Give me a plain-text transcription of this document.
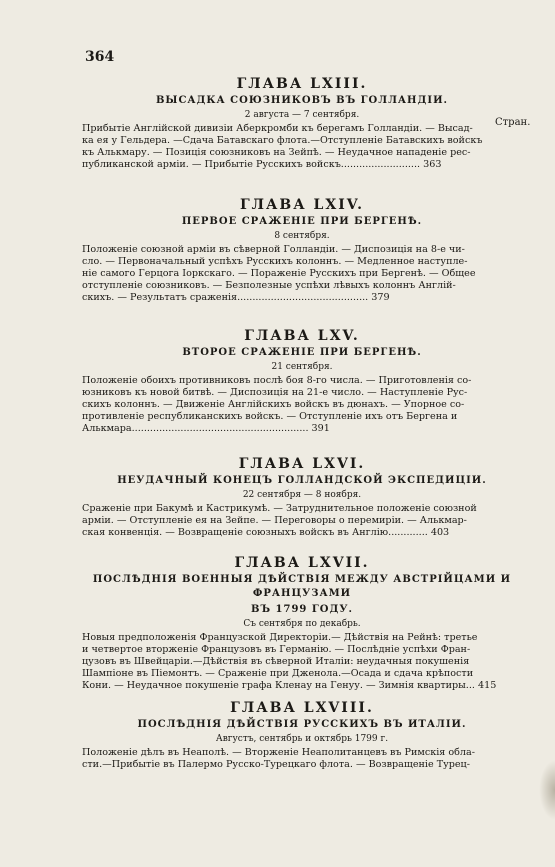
364
Стран.
ГЛАВА LXIII.
ВЫСАДКА СОЮЗНИКОВЪ ВЪ ГОЛЛАНДІИ.
2 августа — 7 сентября.
Прибытіе Англійской дивизіи Аберкромби къ берегамъ Голландіи. — Высад-
ка ея у Гельдера. —Сдача Батавскаго флота.—Отступленіе Батавскихъ войскъ
къ Алькмару. — Позиція союзниковъ на Зейпѣ. — Неудачное нападеніе рес-
публиканской арміи. — Прибытіе Русскихъ войскъ.......................... 363
ГЛАВА LXIV.
ПЕРВОЕ СРАЖЕНІЕ ПРИ БЕРГЕНѢ.
8 сентября.
Положеніе союзной арміи въ сѣверной Голландіи. — Диспозиція на 8-е чи-
сло. — Первоначальный успѣхъ Русскихъ колоннъ. — Медленное наступле-
ніе самого Герцога Іоркскаго. — Пораженіе Русскихъ при Бергенѣ. — Общее
отступленіе союзниковъ. — Безполезные успѣхи лѣвыхъ колоннъ Англій-
скихъ. — Результатъ сраженія........................................... 379
ГЛАВА LXV.
ВТОРОЕ СРАЖЕНІЕ ПРИ БЕРГЕНѢ.
21 сентября.
Положеніе обоихъ противниковъ послѣ боя 8-го числа. — Приготовленія со-
юзниковъ къ новой битвѣ. — Диспозиція на 21-е число. — Наступленіе Рус-
скихъ колоннъ. — Движеніе Англійскихъ войскъ въ дюнахъ. — Упорное со-
противленіе республиканскихъ войскъ. — Отступленіе ихъ отъ Бергена и
Алькмара.......................................................... 391
ГЛАВА LXVI.
НЕУДАЧНЫЙ КОНЕЦЪ ГОЛЛАНДСКОЙ ЭКСПЕДИЦІИ.
22 сентября — 8 ноября.
Сраженіе при Бакумѣ и Кастрикумѣ. — Затруднительное положеніе союзной
арміи. — Отступленіе ея на Зейпе. — Переговоры о перемиріи. — Алькмар-
ская конвенція. — Возвращеніе союзныхъ войскъ въ Англію............. 403
ГЛАВА LXVII.
ПОСЛѢДНІЯ ВОЕННЫЯ ДѢЙСТВІЯ МЕЖДУ АВСТРІЙЦАМИ И ФРАНЦУЗАМИ
ВЪ 1799 ГОДУ.
Съ сентября по декабрь.
Новыя предположенія Французской Директоріи.— Дѣйствія на Рейнѣ: третье
и четвертое вторженіе Французовъ въ Германію. — Послѣдніе успѣхи Фран-
цузовъ въ Швейцаріи.—Дѣйствія въ сѣверной Италіи: неудачныя покушенія
Шампіоне въ Піемонтъ. — Сраженіе при Дженола.—Осада и сдача крѣпости
Кони. — Неудачное покушеніе графа Кленау на Генуу. — Зимнія квартиры... 415
ГЛАВА LXVIII.
ПОСЛѢДНІЯ ДѢЙСТВІЯ РУССКИХЪ ВЪ ИТАЛІИ.
Августъ, сентябрь и октябрь 1799 г.
Положеніе дѣлъ въ Неаполѣ. — Вторженіе Неаполитанцевъ въ Римскія обла-
сти.—Прибытіе въ Палермо Русско-Турецкаго флота. — Возвращеніе Турец-
